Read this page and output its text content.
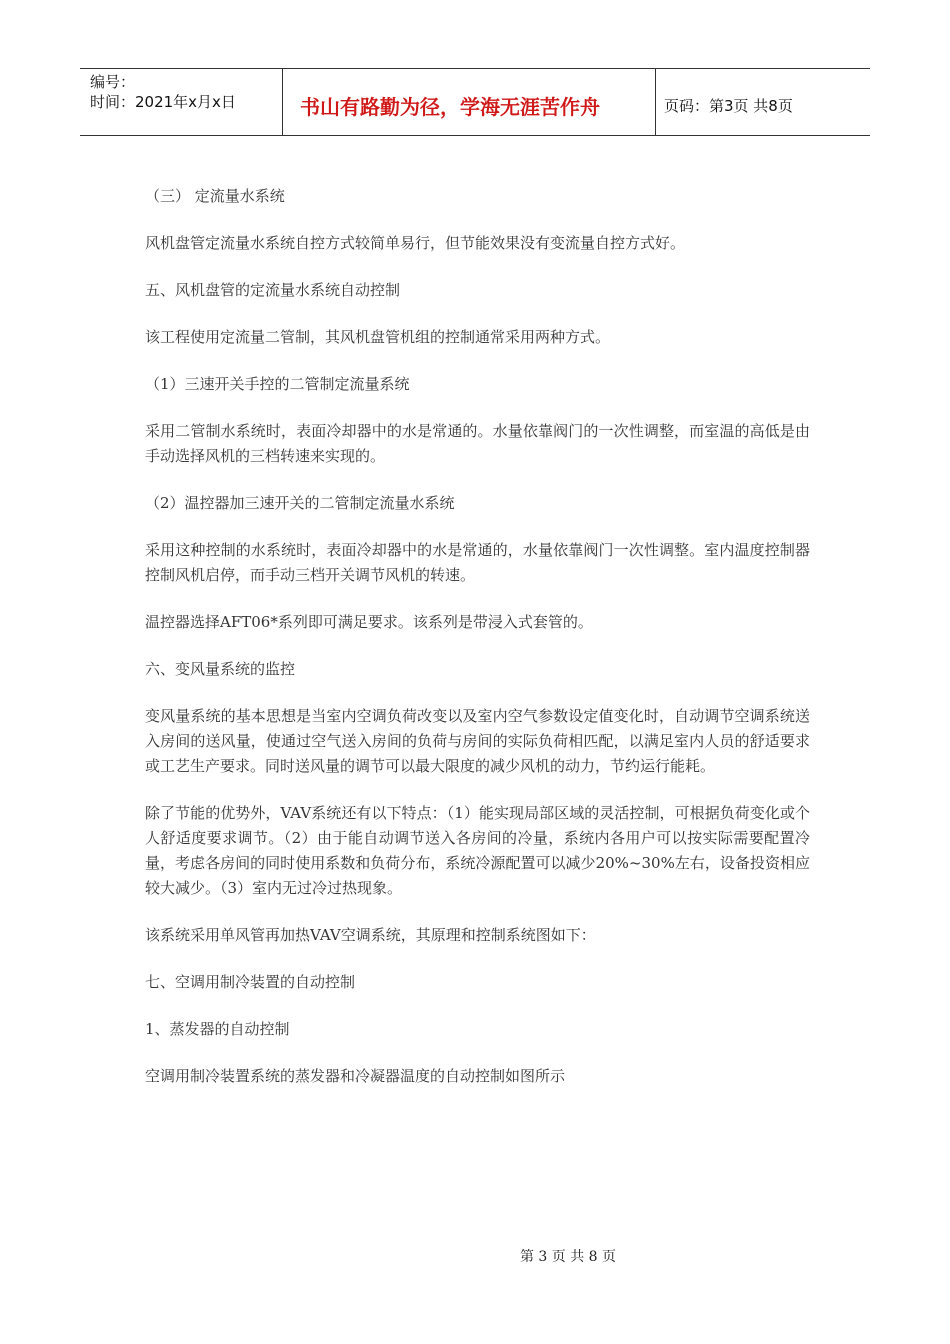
编号：
时间：2021年x月x日	书山有路勤为径，学海无涯苦作舟	页码：第3页 共8页

（三） 定流量水系统

风机盘管定流量水系统自控方式较简单易行，但节能效果没有变流量自控方式好。

五、风机盘管的定流量水系统自动控制

该工程使用定流量二管制，其风机盘管机组的控制通常采用两种方式。

（1）三速开关手控的二管制定流量系统

采用二管制水系统时，表面冷却器中的水是常通的。水量依靠阀门的一次性调整，而室温的高低是由手动选择风机的三档转速来实现的。

（2）温控器加三速开关的二管制定流量水系统

采用这种控制的水系统时，表面冷却器中的水是常通的，水量依靠阀门一次性调整。室内温度控制器控制风机启停，而手动三档开关调节风机的转速。

温控器选择AFT06*系列即可满足要求。该系列是带浸入式套管的。

六、变风量系统的监控

变风量系统的基本思想是当室内空调负荷改变以及室内空气参数设定值变化时，自动调节空调系统送入房间的送风量，使通过空气送入房间的负荷与房间的实际负荷相匹配，以满足室内人员的舒适要求或工艺生产要求。同时送风量的调节可以最大限度的减少风机的动力，节约运行能耗。

除了节能的优势外，VAV系统还有以下特点：（1）能实现局部区域的灵活控制，可根据负荷变化或个人舒适度要求调节。（2）由于能自动调节送入各房间的冷量，系统内各用户可以按实际需要配置冷量，考虑各房间的同时使用系数和负荷分布，系统冷源配置可以减少20%~30%左右，设备投资相应较大减少。（3）室内无过冷过热现象。

该系统采用单风管再加热VAV空调系统，其原理和控制系统图如下：

七、空调用制冷装置的自动控制

1、蒸发器的自动控制

空调用制冷装置系统的蒸发器和冷凝器温度的自动控制如图所示

第 3 页 共 8 页
